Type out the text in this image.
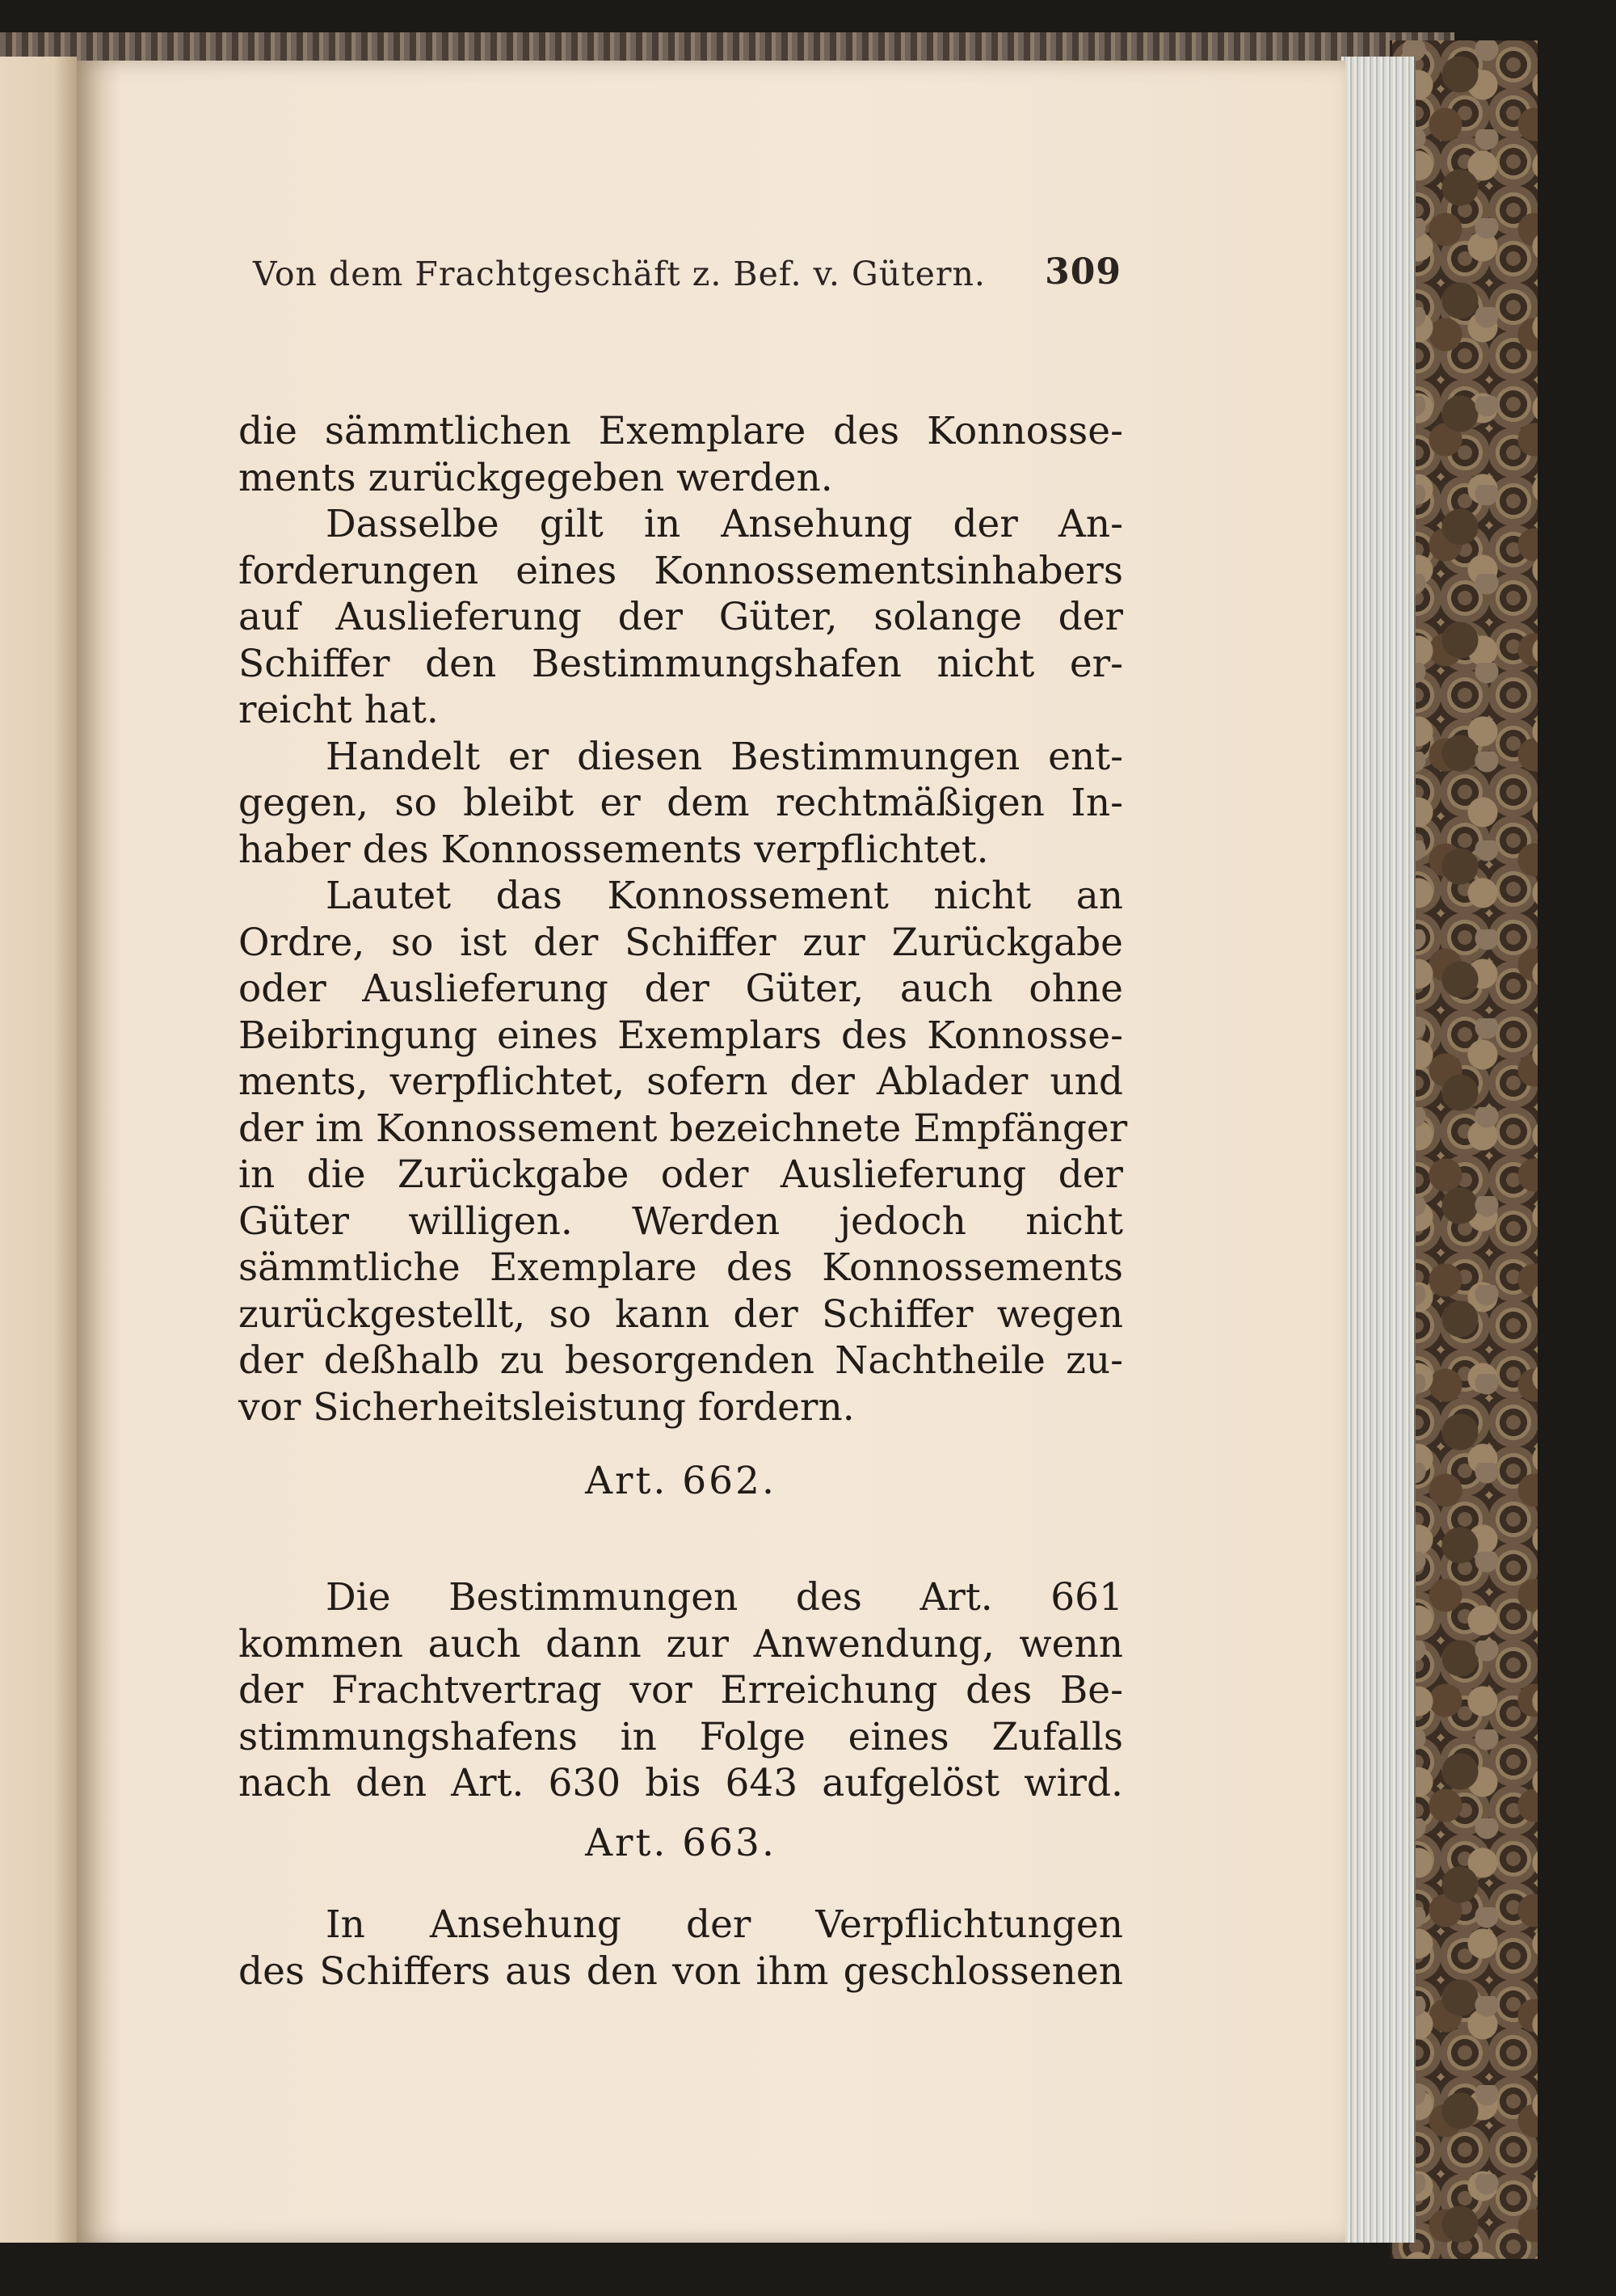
Von dem Frachtgeschäft z. Bef. v. Gütern. 309
die sämmtlichen Exemplare des Konnosse-
ments zurückgegeben werden.
Dasselbe gilt in Ansehung der An-
forderungen eines Konnossementsinhabers
auf Auslieferung der Güter, solange der
Schiffer den Bestimmungshafen nicht er-
reicht hat.
Handelt er diesen Bestimmungen ent-
gegen, so bleibt er dem rechtmäßigen In-
haber des Konnossements verpflichtet.
Lautet das Konnossement nicht an
Ordre, so ist der Schiffer zur Zurückgabe
oder Auslieferung der Güter, auch ohne
Beibringung eines Exemplars des Konnosse-
ments, verpflichtet, sofern der Ablader und
der im Konnossement bezeichnete Empfänger
in die Zurückgabe oder Auslieferung der
Güter willigen. Werden jedoch nicht
sämmtliche Exemplare des Konnossements
zurückgestellt, so kann der Schiffer wegen
der deßhalb zu besorgenden Nachtheile zu-
vor Sicherheitsleistung fordern.
Art. 662.
Die Bestimmungen des Art. 661
kommen auch dann zur Anwendung, wenn
der Frachtvertrag vor Erreichung des Be-
stimmungshafens in Folge eines Zufalls
nach den Art. 630 bis 643 aufgelöst wird.
Art. 663.
In Ansehung der Verpflichtungen
des Schiffers aus den von ihm geschlossenen
